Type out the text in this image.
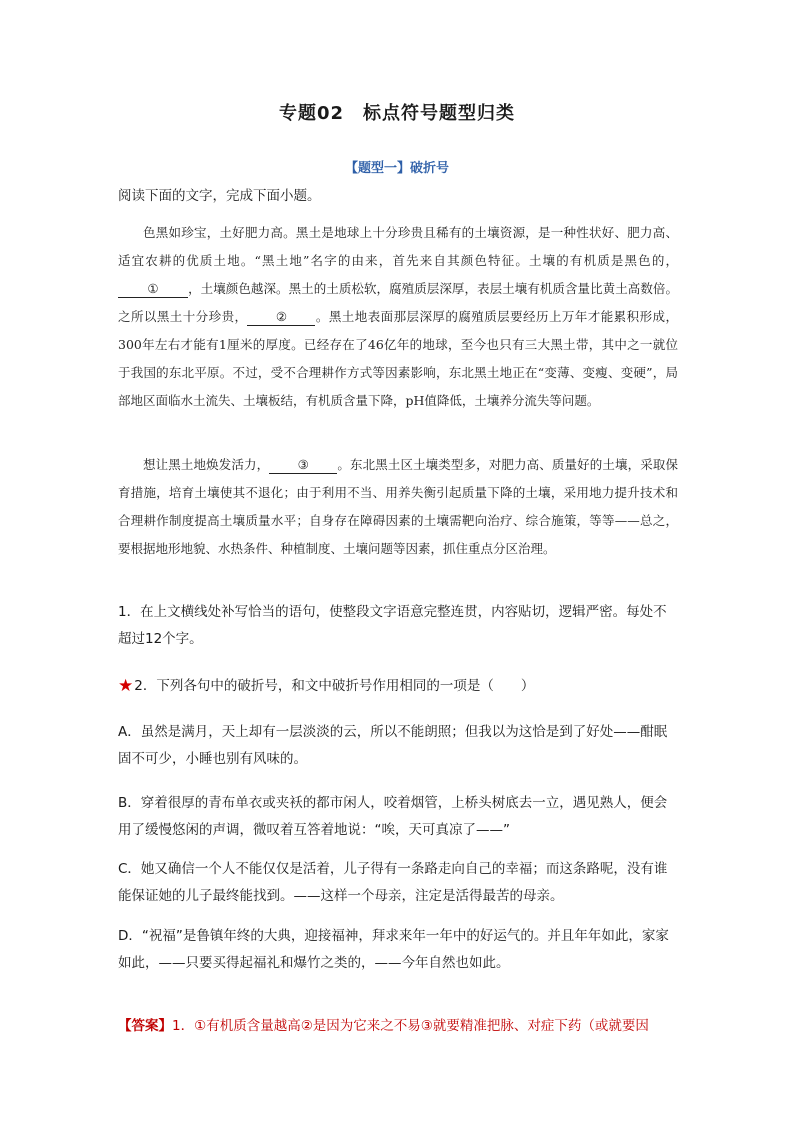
专题02　标点符号题型归类
【题型一】破折号
阅读下面的文字，完成下面小题。

色黑如珍宝，土好肥力高。黑土是地球上十分珍贵且稀有的土壤资源，是一种性状好、肥力高、适宜农耕的优质土地。“黑土地”名字的由来，首先来自其颜色特征。土壤的有机质是黑色的，① ，土壤颜色越深。黑土的土质松软，腐殖质层深厚，表层土壤有机质含量比黄土高数倍。之所以黑土十分珍贵， ② 。黑土地表面那层深厚的腐殖质层要经历上万年才能累积形成，300年左右才能有1厘米的厚度。已经存在了46亿年的地球，至今也只有三大黑土带，其中之一就位于我国的东北平原。不过，受不合理耕作方式等因素影响，东北黑土地正在“变薄、变瘦、变硬”，局部地区面临水土流失、土壤板结，有机质含量下降，pH值降低，土壤养分流失等问题。

想让黑土地焕发活力， ③ 。东北黑土区土壤类型多，对肥力高、质量好的土壤，采取保育措施，培育土壤使其不退化；由于利用不当、用养失衡引起质量下降的土壤，采用地力提升技术和合理耕作制度提高土壤质量水平；自身存在障碍因素的土壤需靶向治疗、综合施策，等等——总之，要根据地形地貌、水热条件、种植制度、土壤问题等因素，抓住重点分区治理。

1．在上文横线处补写恰当的语句，使整段文字语意完整连贯，内容贴切，逻辑严密。每处不超过12个字。

★2．下列各句中的破折号，和文中破折号作用相同的一项是（　　）

A．虽然是满月，天上却有一层淡淡的云，所以不能朗照；但我以为这恰是到了好处——酣眠固不可少，小睡也别有风味的。

B．穿着很厚的青布单衣或夹袄的都市闲人，咬着烟管，上桥头树底去一立，遇见熟人，便会用了缓慢悠闲的声调，微叹着互答着地说：“唉，天可真凉了——”

C．她又确信一个人不能仅仅是活着，儿子得有一条路走向自己的幸福；而这条路呢，没有谁能保证她的儿子最终能找到。——这样一个母亲，注定是活得最苦的母亲。

D．“祝福”是鲁镇年终的大典，迎接福神，拜求来年一年中的好运气的。并且年年如此，家家如此，——只要买得起福礼和爆竹之类的，——今年自然也如此。

【答案】1．①有机质含量越高②是因为它来之不易③就要精准把脉、对症下药（或就要因
